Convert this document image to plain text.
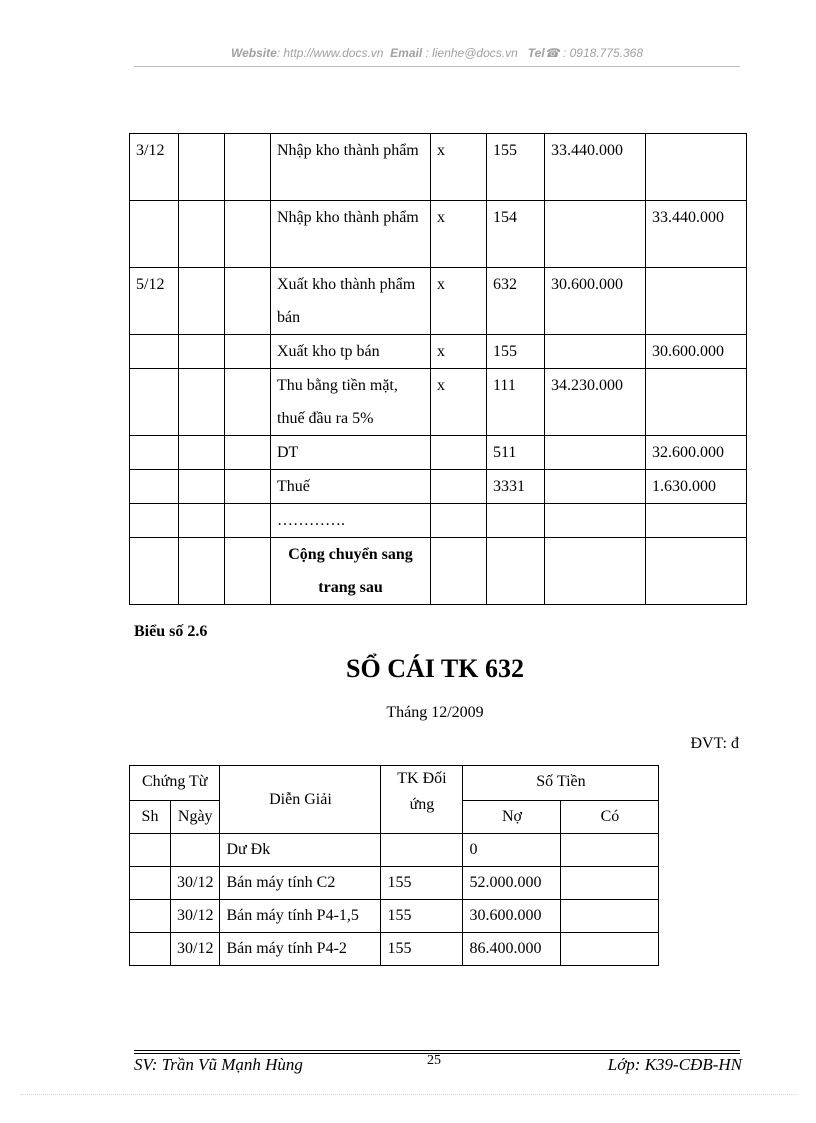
Website: http://www.docs.vn Email : lienhe@docs.vn Tel☎ : 0918.775.368
3/12			Nhập kho thành phẩm	x	155	33.440.000	
			Nhập kho thành phẩm	x	154		33.440.000
5/12			Xuất kho thành phẩm bán	x	632	30.600.000	
			Xuất kho tp bán	x	155		30.600.000
			Thu bằng tiền mặt, thuế đầu ra 5%	x	111	34.230.000	
			DT		511		32.600.000
			Thuế		3331		1.630.000
			………….				
			Cộng chuyển sang trang sau				
Biểu số 2.6
SỔ CÁI TK 632
Tháng 12/2009
ĐVT: đ
Chứng Từ		Diễn Giải	TK Đối ứng	Số Tiền	
Sh	Ngày			Nợ	Có
		Dư Đk		0	
	30/12	Bán máy tính C2	155	52.000.000	
	30/12	Bán máy tính P4-1,5	155	30.600.000	
	30/12	Bán máy tính P4-2	155	86.400.000	
SV: Trần Vũ Mạnh Hùng	25	Lớp: K39-CĐB-HN
